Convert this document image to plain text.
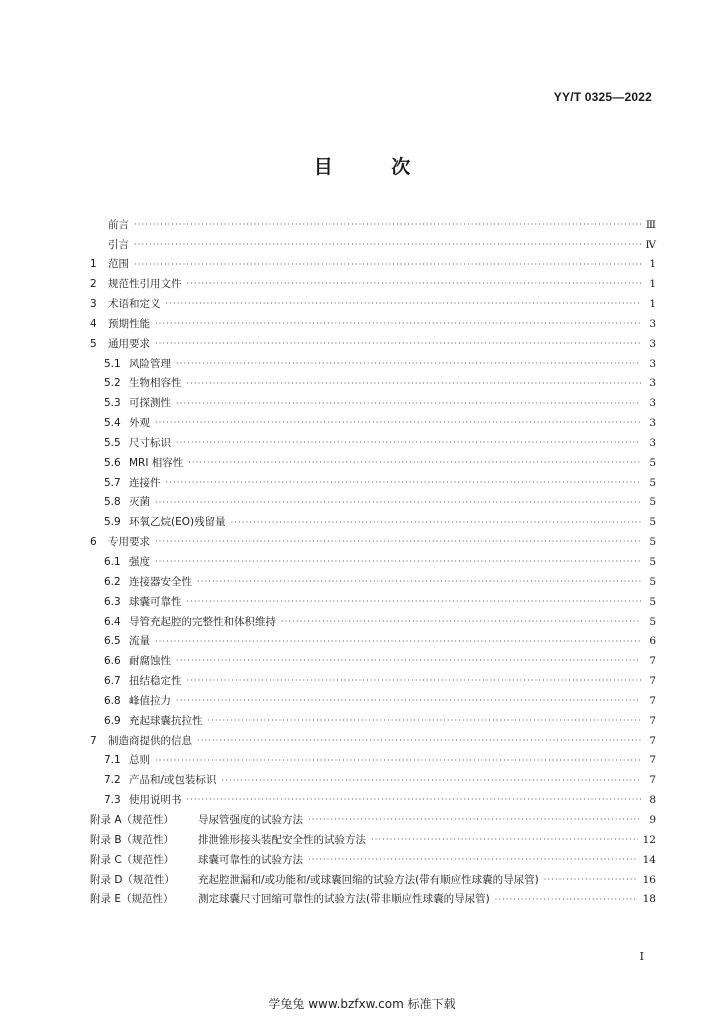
YY/T 0325—2022
目 次
前言 ·····	Ⅲ
引言 ·····	Ⅳ
1	范围 ·····	1
2	规范性引用文件 ·····	1
3	术语和定义 ·····	1
4	预期性能 ·····	3
5	通用要求 ·····	3
5.1 风险管理 ·····	3
5.2 生物相容性 ·····	3
5.3 可探测性 ·····	3
5.4 外观 ·····	3
5.5 尺寸标识 ·····	3
5.6 MRI 相容性 ·····	5
5.7 连接件 ·····	5
5.8 灭菌 ·····	5
5.9 环氧乙烷(EO)残留量 ·····	5
6	专用要求 ·····	5
6.1 强度 ·····	5
6.2 连接器安全性 ·····	5
6.3 球囊可靠性 ·····	5
6.4 导管充起腔的完整性和体积维持 ·····	5
6.5 流量 ·····	6
6.6 耐腐蚀性 ·····	7
6.7 扭结稳定性 ·····	7
6.8 峰值拉力 ·····	7
6.9 充起球囊抗拉性 ·····	7
7	制造商提供的信息 ·····	7
7.1 总则 ·····	7
7.2 产品和/或包装标识 ·····	7
7.3 使用说明书 ·····	8
附录 A（规范性）	导尿管强度的试验方法 ·····	9
附录 B（规范性）	排泄锥形接头装配安全性的试验方法 ·····	12
附录 C（规范性）	球囊可靠性的试验方法 ·····	14
附录 D（规范性）	充起腔泄漏和/或功能和/或球囊回缩的试验方法(带有顺应性球囊的导尿管) ·····	16
附录 E（规范性）	测定球囊尺寸回缩可靠性的试验方法(带非顺应性球囊的导尿管) ·····	18
I
学兔兔 www.bzfxw.com 标准下载
